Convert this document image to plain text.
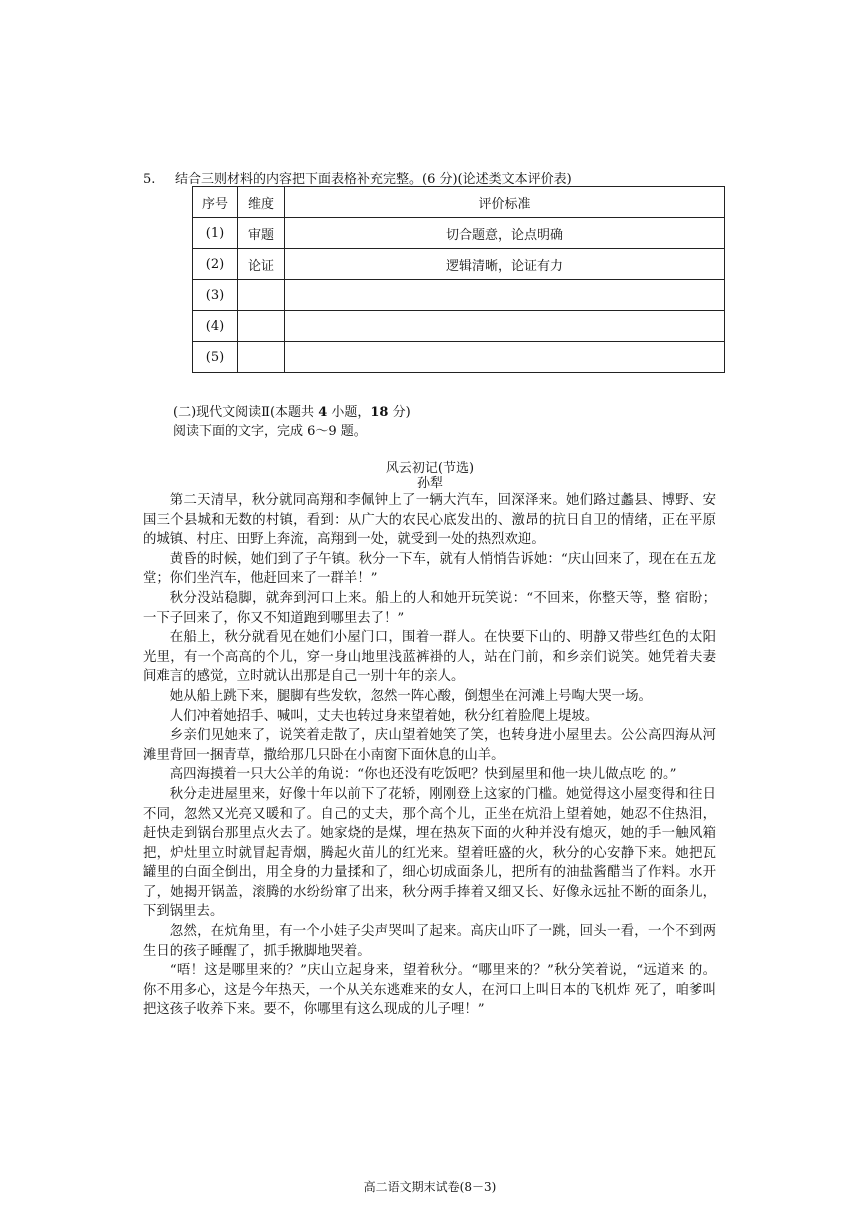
5. 结合三则材料的内容把下面表格补充完整。(6 分)(论述类文本评价表)
序号	维度	评价标准
(1)	审题	切合题意，论点明确
(2)	论证	逻辑清晰，论证有力
(3)		
(4)		
(5)		
(二)现代文阅读Ⅱ(本题共 4 小题，18 分)
阅读下面的文字，完成 6～9 题。
风云初记(节选)
孙犁

第二天清早，秋分就同高翔和李佩钟上了一辆大汽车，回深泽来。她们路过蠡县、博野、安国三个县城和无数的村镇，看到：从广大的农民心底发出的、激昂的抗日自卫的情绪，正在平原的城镇、村庄、田野上奔流，高翔到一处，就受到一处的热烈欢迎。

黄昏的时候，她们到了子午镇。秋分一下车，就有人悄悄告诉她：“庆山回来了，现在在五龙堂；你们坐汽车，他赶回来了一群羊！”

秋分没站稳脚，就奔到河口上来。船上的人和她开玩笑说：“不回来，你整天等，整 宿盼；一下子回来了，你又不知道跑到哪里去了！”

在船上，秋分就看见在她们小屋门口，围着一群人。在快要下山的、明静又带些红色的太阳光里，有一个高高的个儿，穿一身山地里浅蓝裤褂的人，站在门前，和乡亲们说笑。她凭着夫妻间难言的感觉，立时就认出那是自己一别十年的亲人。

她从船上跳下来，腿脚有些发软，忽然一阵心酸，倒想坐在河滩上号啕大哭一场。

人们冲着她招手、喊叫，丈夫也转过身来望着她，秋分红着脸爬上堤坡。

乡亲们见她来了，说笑着走散了，庆山望着她笑了笑，也转身进小屋里去。公公高四海从河滩里背回一捆青草，撒给那几只卧在小南窗下面休息的山羊。

高四海摸着一只大公羊的角说：“你也还没有吃饭吧？快到屋里和他一块儿做点吃 的。”

秋分走进屋里来，好像十年以前下了花轿，刚刚登上这家的门槛。她觉得这小屋变得和往日不同，忽然又光亮又暖和了。自己的丈夫，那个高个儿，正坐在炕沿上望着她，她忍不住热泪，赶快走到锅台那里点火去了。她家烧的是煤，埋在热灰下面的火种并没有熄灭，她的手一触风箱把，炉灶里立时就冒起青烟，腾起火苗儿的红光来。望着旺盛的火，秋分的心安静下来。她把瓦罐里的白面全倒出，用全身的力量揉和了，细心切成面条儿，把所有的油盐酱醋当了作料。水开了，她揭开锅盖，滚腾的水纷纷窜了出来，秋分两手捧着又细又长、好像永远扯不断的面条儿，下到锅里去。

忽然，在炕角里，有一个小娃子尖声哭叫了起来。高庆山吓了一跳，回头一看，一个不到两生日的孩子睡醒了，抓手揪脚地哭着。

“唔！这是哪里来的？”庆山立起身来，望着秋分。“哪里来的？”秋分笑着说，“远道来 的。你不用多心，这是今年热天，一个从关东逃难来的女人，在河口上叫日本的飞机炸 死了，咱爹叫把这孩子收养下来。要不，你哪里有这么现成的儿子哩！”

高二语文期末试卷(8－3)
